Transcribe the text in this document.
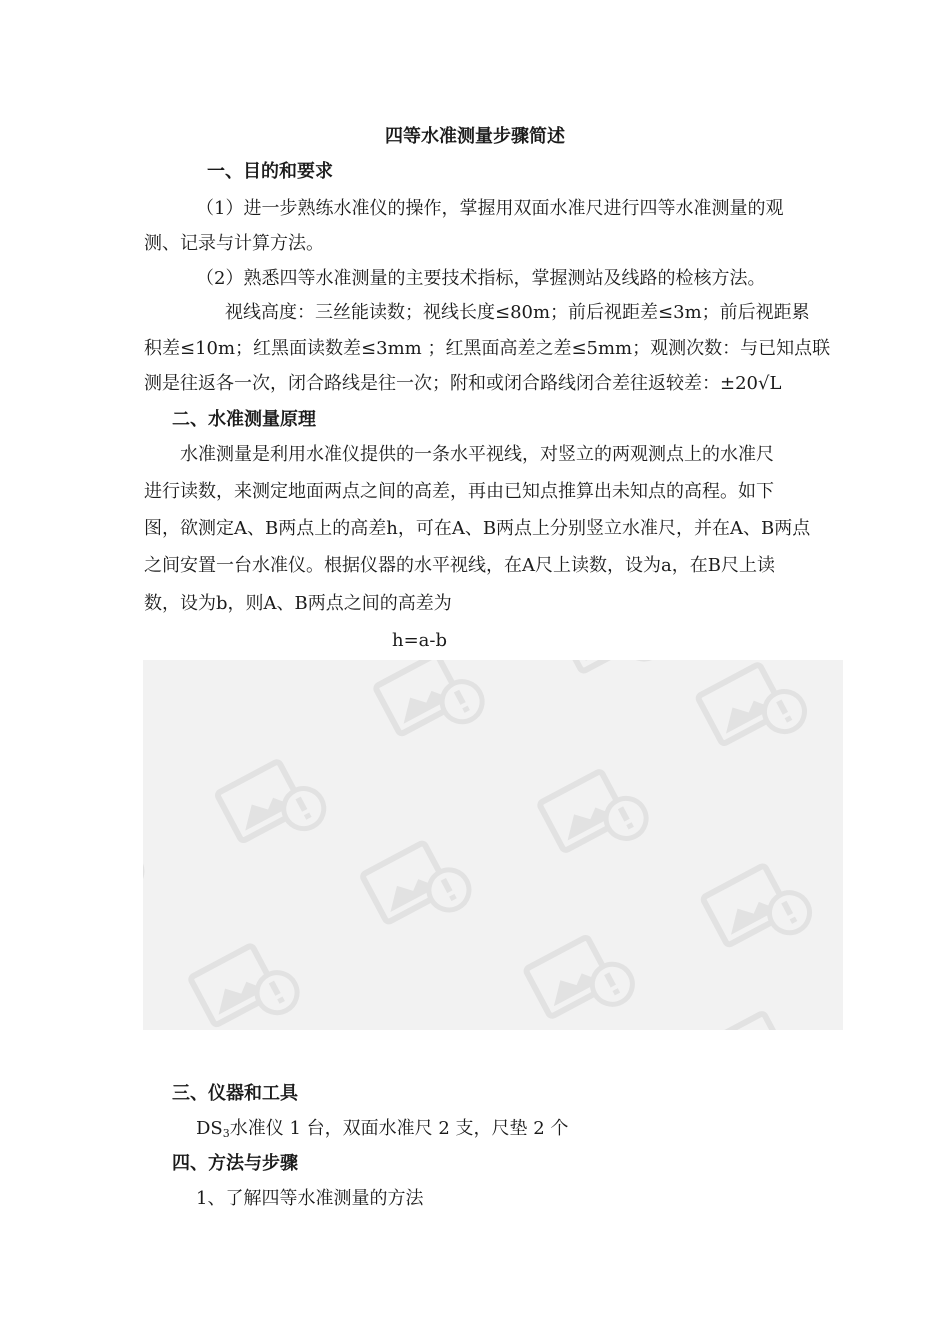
四等水准测量步骤简述
一、目的和要求
（1）进一步熟练水准仪的操作，掌握用双面水准尺进行四等水准测量的观
测、记录与计算方法。
（2）熟悉四等水准测量的主要技术指标，掌握测站及线路的检核方法。
视线高度：三丝能读数；视线长度≤80m；前后视距差≤3m；前后视距累
积差≤10m；红黑面读数差≤3mm ；红黑面高差之差≤5mm；观测次数：与已知点联
测是往返各一次，闭合路线是往一次；附和或闭合路线闭合差往返较差：±20√L
二、水准测量原理
水准测量是利用水准仪提供的一条水平视线，对竖立的两观测点上的水准尺
进行读数，来测定地面两点之间的高差，再由已知点推算出未知点的高程。如下
图，欲测定A、B两点上的高差h，可在A、B两点上分别竖立水准尺，并在A、B两点
之间安置一台水准仪。根据仪器的水平视线，在A尺上读数，设为a，在B尺上读
数，设为b，则A、B两点之间的高差为
h=a-b
三、仪器和工具
$DS_3$水准仪 1 台，双面水准尺 2 支，尺垫 2 个
四、方法与步骤
1、了解四等水准测量的方法
